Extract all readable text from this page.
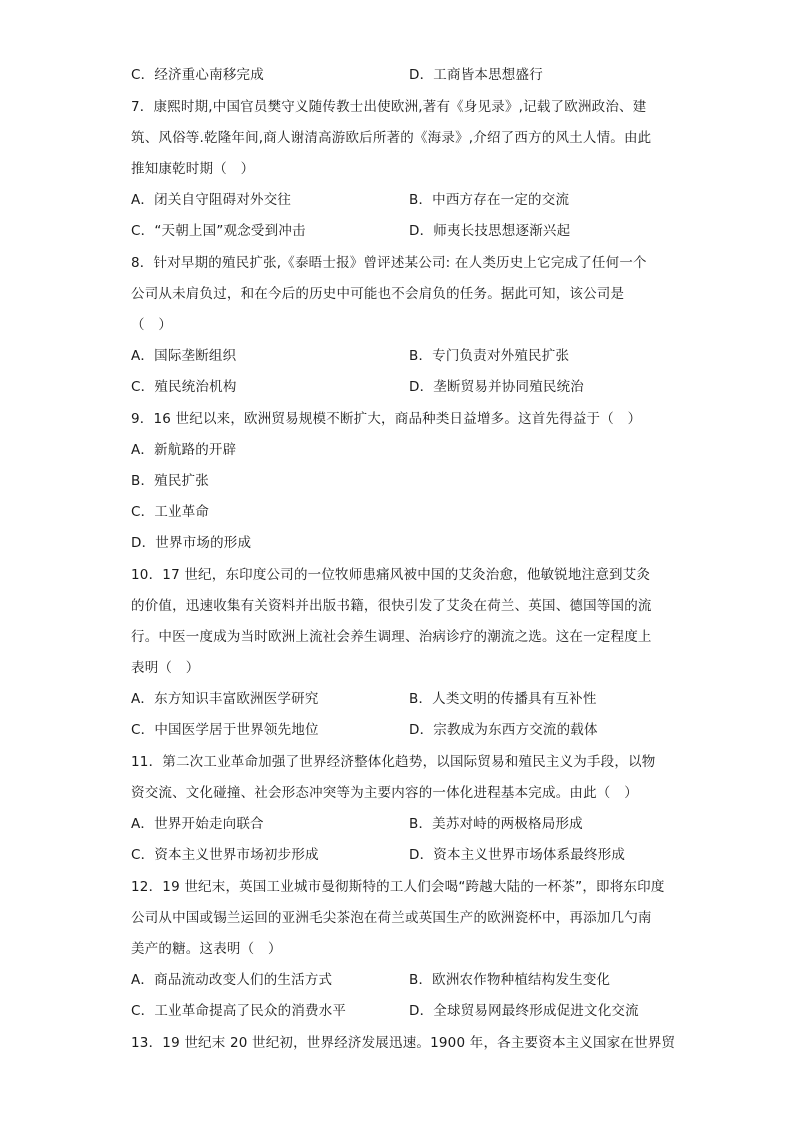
C．经济重心南移完成	D．工商皆本思想盛行
7．康熙时期,中国官员樊守义随传教士出使欧洲,著有《身见录》,记载了欧洲政治、建
筑、风俗等.乾隆年间,商人谢清高游欧后所著的《海录》,介绍了西方的风土人情。由此
推知康乾时期（　）
A．闭关自守阻碍对外交往	B．中西方存在一定的交流
C．“天朝上国”观念受到冲击	D．师夷长技思想逐渐兴起
8．针对早期的殖民扩张,《泰晤士报》曾评述某公司: 在人类历史上它完成了任何一个
公司从未肩负过，和在今后的历史中可能也不会肩负的任务。据此可知，该公司是
（　）
A．国际垄断组织	B．专门负责对外殖民扩张
C．殖民统治机构	D．垄断贸易并协同殖民统治
9．16 世纪以来，欧洲贸易规模不断扩大，商品种类日益增多。这首先得益于（　）
A．新航路的开辟
B．殖民扩张
C．工业革命
D．世界市场的形成
10．17 世纪，东印度公司的一位牧师患痛风被中国的艾灸治愈，他敏锐地注意到艾灸
的价值，迅速收集有关资料并出版书籍，很快引发了艾灸在荷兰、英国、德国等国的流
行。中医一度成为当时欧洲上流社会养生调理、治病诊疗的潮流之选。这在一定程度上
表明（　）
A．东方知识丰富欧洲医学研究	B．人类文明的传播具有互补性
C．中国医学居于世界领先地位	D．宗教成为东西方交流的载体
11．第二次工业革命加强了世界经济整体化趋势，以国际贸易和殖民主义为手段，以物
资交流、文化碰撞、社会形态冲突等为主要内容的一体化进程基本完成。由此（　）
A．世界开始走向联合	B．美苏对峙的两极格局形成
C．资本主义世界市场初步形成	D．资本主义世界市场体系最终形成
12．19 世纪末，英国工业城市曼彻斯特的工人们会喝“跨越大陆的一杯茶”，即将东印度
公司从中国或锡兰运回的亚洲毛尖茶泡在荷兰或英国生产的欧洲瓷杯中，再添加几勺南
美产的糖。这表明（　）
A．商品流动改变人们的生活方式	B．欧洲农作物种植结构发生变化
C．工业革命提高了民众的消费水平	D．全球贸易网最终形成促进文化交流
13．19 世纪末 20 世纪初，世界经济发展迅速。1900 年，各主要资本主义国家在世界贸
